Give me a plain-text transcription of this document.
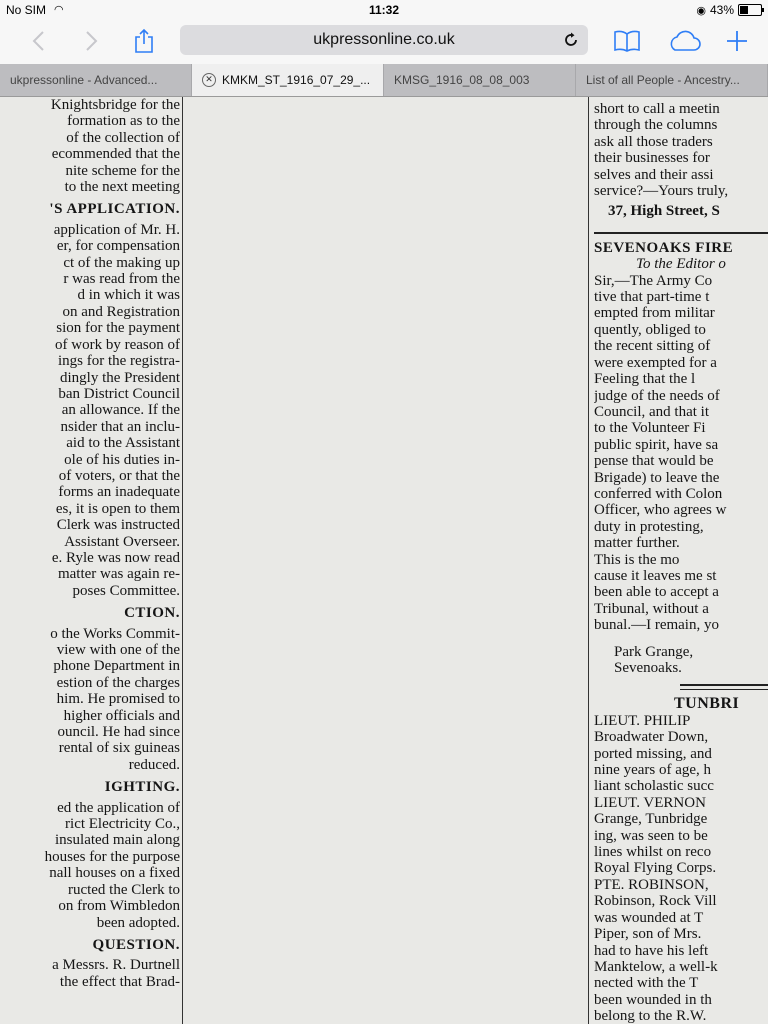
No SIM ◠	11:32	◉ 43%
ukpressonline.co.uk
ukpressonline - Advanced...	✕ KMKM_ST_1916_07_29_... KMSG_1916_08_08_003	List of all People - Ancestry...

Knightsbridge for the

formation as to the

of the collection of

ecommended that the

nite scheme for the

to the next meeting

'S APPLICATION.

application of Mr. H.

er, for compensation

ct of the making up

r was read from the

d in which it was

on and Registration

sion for the payment

of work by reason of

ings for the registra-

dingly the President

ban District Council

an allowance. If the

nsider that an inclu-

aid to the Assistant

ole of his duties in-

of voters, or that the

forms an inadequate

es, it is open to them

Clerk was instructed

Assistant Overseer.

e. Ryle was now read

matter was again re-

poses Committee.

CTION.

o the Works Commit-

view with one of the

phone Department in

estion of the charges

him. He promised to

higher officials and

ouncil. He had since

rental of six guineas

reduced.

IGHTING.

ed the application of

rict Electricity Co.,

insulated main along

houses for the purpose

nall houses on a fixed

ructed the Clerk to

on from Wimbledon

been adopted.

QUESTION.

a Messrs. R. Durtnell

the effect that Brad-

short to call a meetin

through the columns

ask all those traders

their businesses for

selves and their assi

service?—Yours truly,

37, High Street, S

SEVENOAKS FIRE

To the Editor o

Sir,—The Army Co

tive that part-time t

empted from militar

quently, obliged to

the recent sitting of

were exempted for a

Feeling that the l

judge of the needs of

Council, and that it

to the Volunteer Fi

public spirit, have sa

pense that would be

Brigade) to leave the

conferred with Colon

Officer, who agrees w

duty in protesting,

matter further.

This is the mo

cause it leaves me st

been able to accept a

Tribunal, without a

bunal.—I remain, yo

Park Grange,

Sevenoaks.

TUNBRI

LIEUT. PHILIP

Broadwater Down,

ported missing, and

nine years of age, h

liant scholastic succ

LIEUT. VERNON

Grange, Tunbridge

ing, was seen to be

lines whilst on reco

Royal Flying Corps.

PTE. ROBINSON,

Robinson, Rock Vill

was wounded at T

Piper, son of Mrs.

had to have his left

Manktelow, a well-k

nected with the T

been wounded in th

belong to the R.W.
